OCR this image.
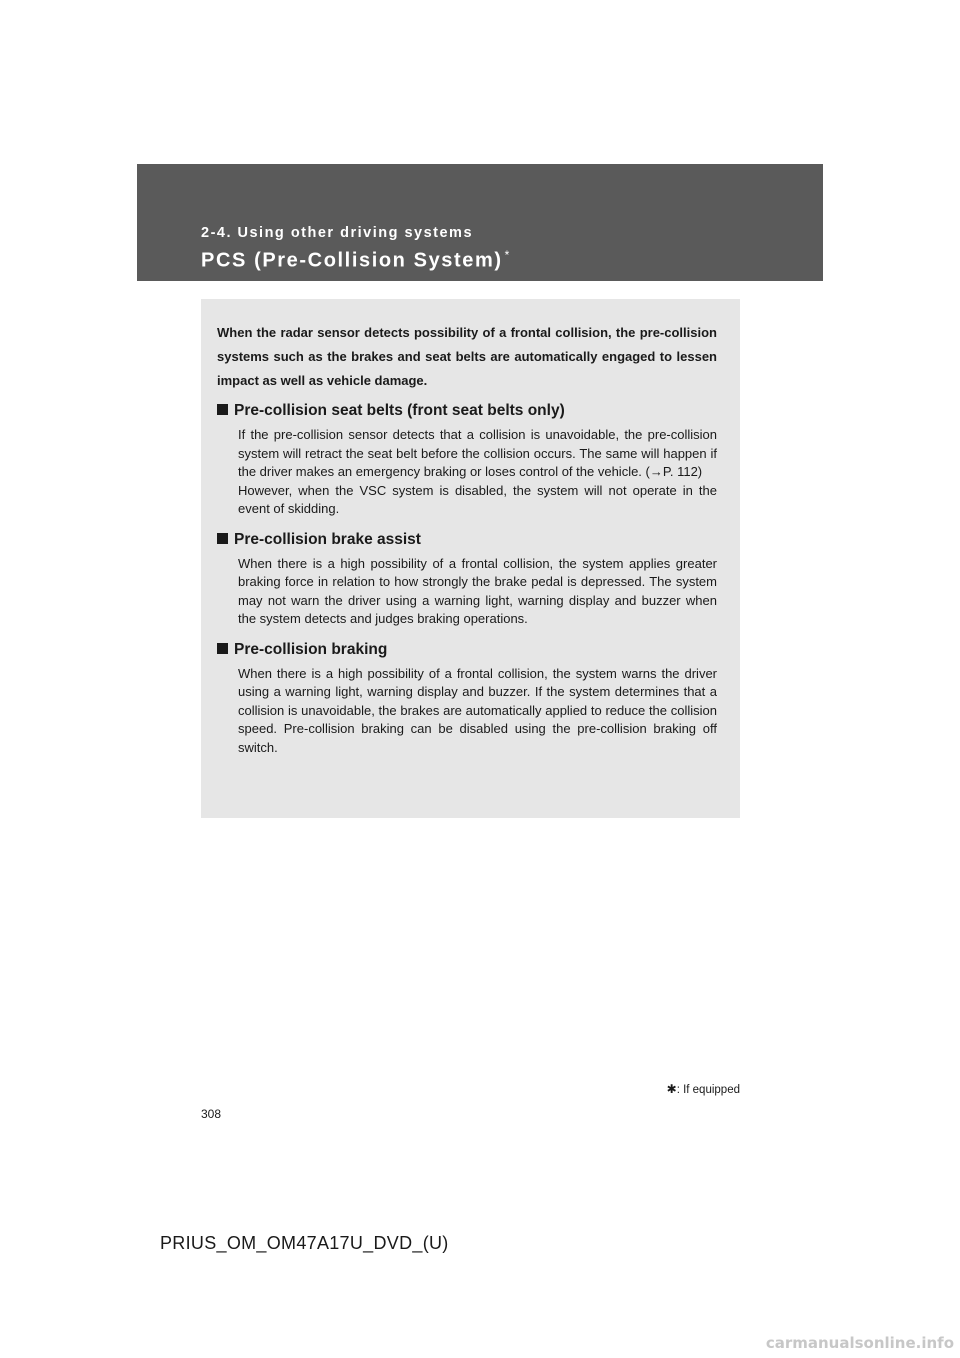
2-4. Using other driving systems
PCS (Pre-Collision System) *

When the radar sensor detects possibility of a frontal collision, the pre-collision systems such as the brakes and seat belts are automatically engaged to lessen impact as well as vehicle damage.

Pre-collision seat belts (front seat belts only)

If the pre-collision sensor detects that a collision is unavoidable, the pre-collision system will retract the seat belt before the collision occurs. The same will happen if the driver makes an emergency braking or loses control of the vehicle. (→P. 112)

However, when the VSC system is disabled, the system will not operate in the event of skidding.

Pre-collision brake assist

When there is a high possibility of a frontal collision, the system applies greater braking force in relation to how strongly the brake pedal is depressed. The system may not warn the driver using a warning light, warning display and buzzer when the system detects and judges braking operations.

Pre-collision braking

When there is a high possibility of a frontal collision, the system warns the driver using a warning light, warning display and buzzer. If the system determines that a collision is unavoidable, the brakes are automatically applied to reduce the collision speed. Pre-collision braking can be disabled using the pre-collision braking off switch.

✱: If equipped
308
PRIUS_OM_OM47A17U_DVD_(U)
carmanualsonline.info
